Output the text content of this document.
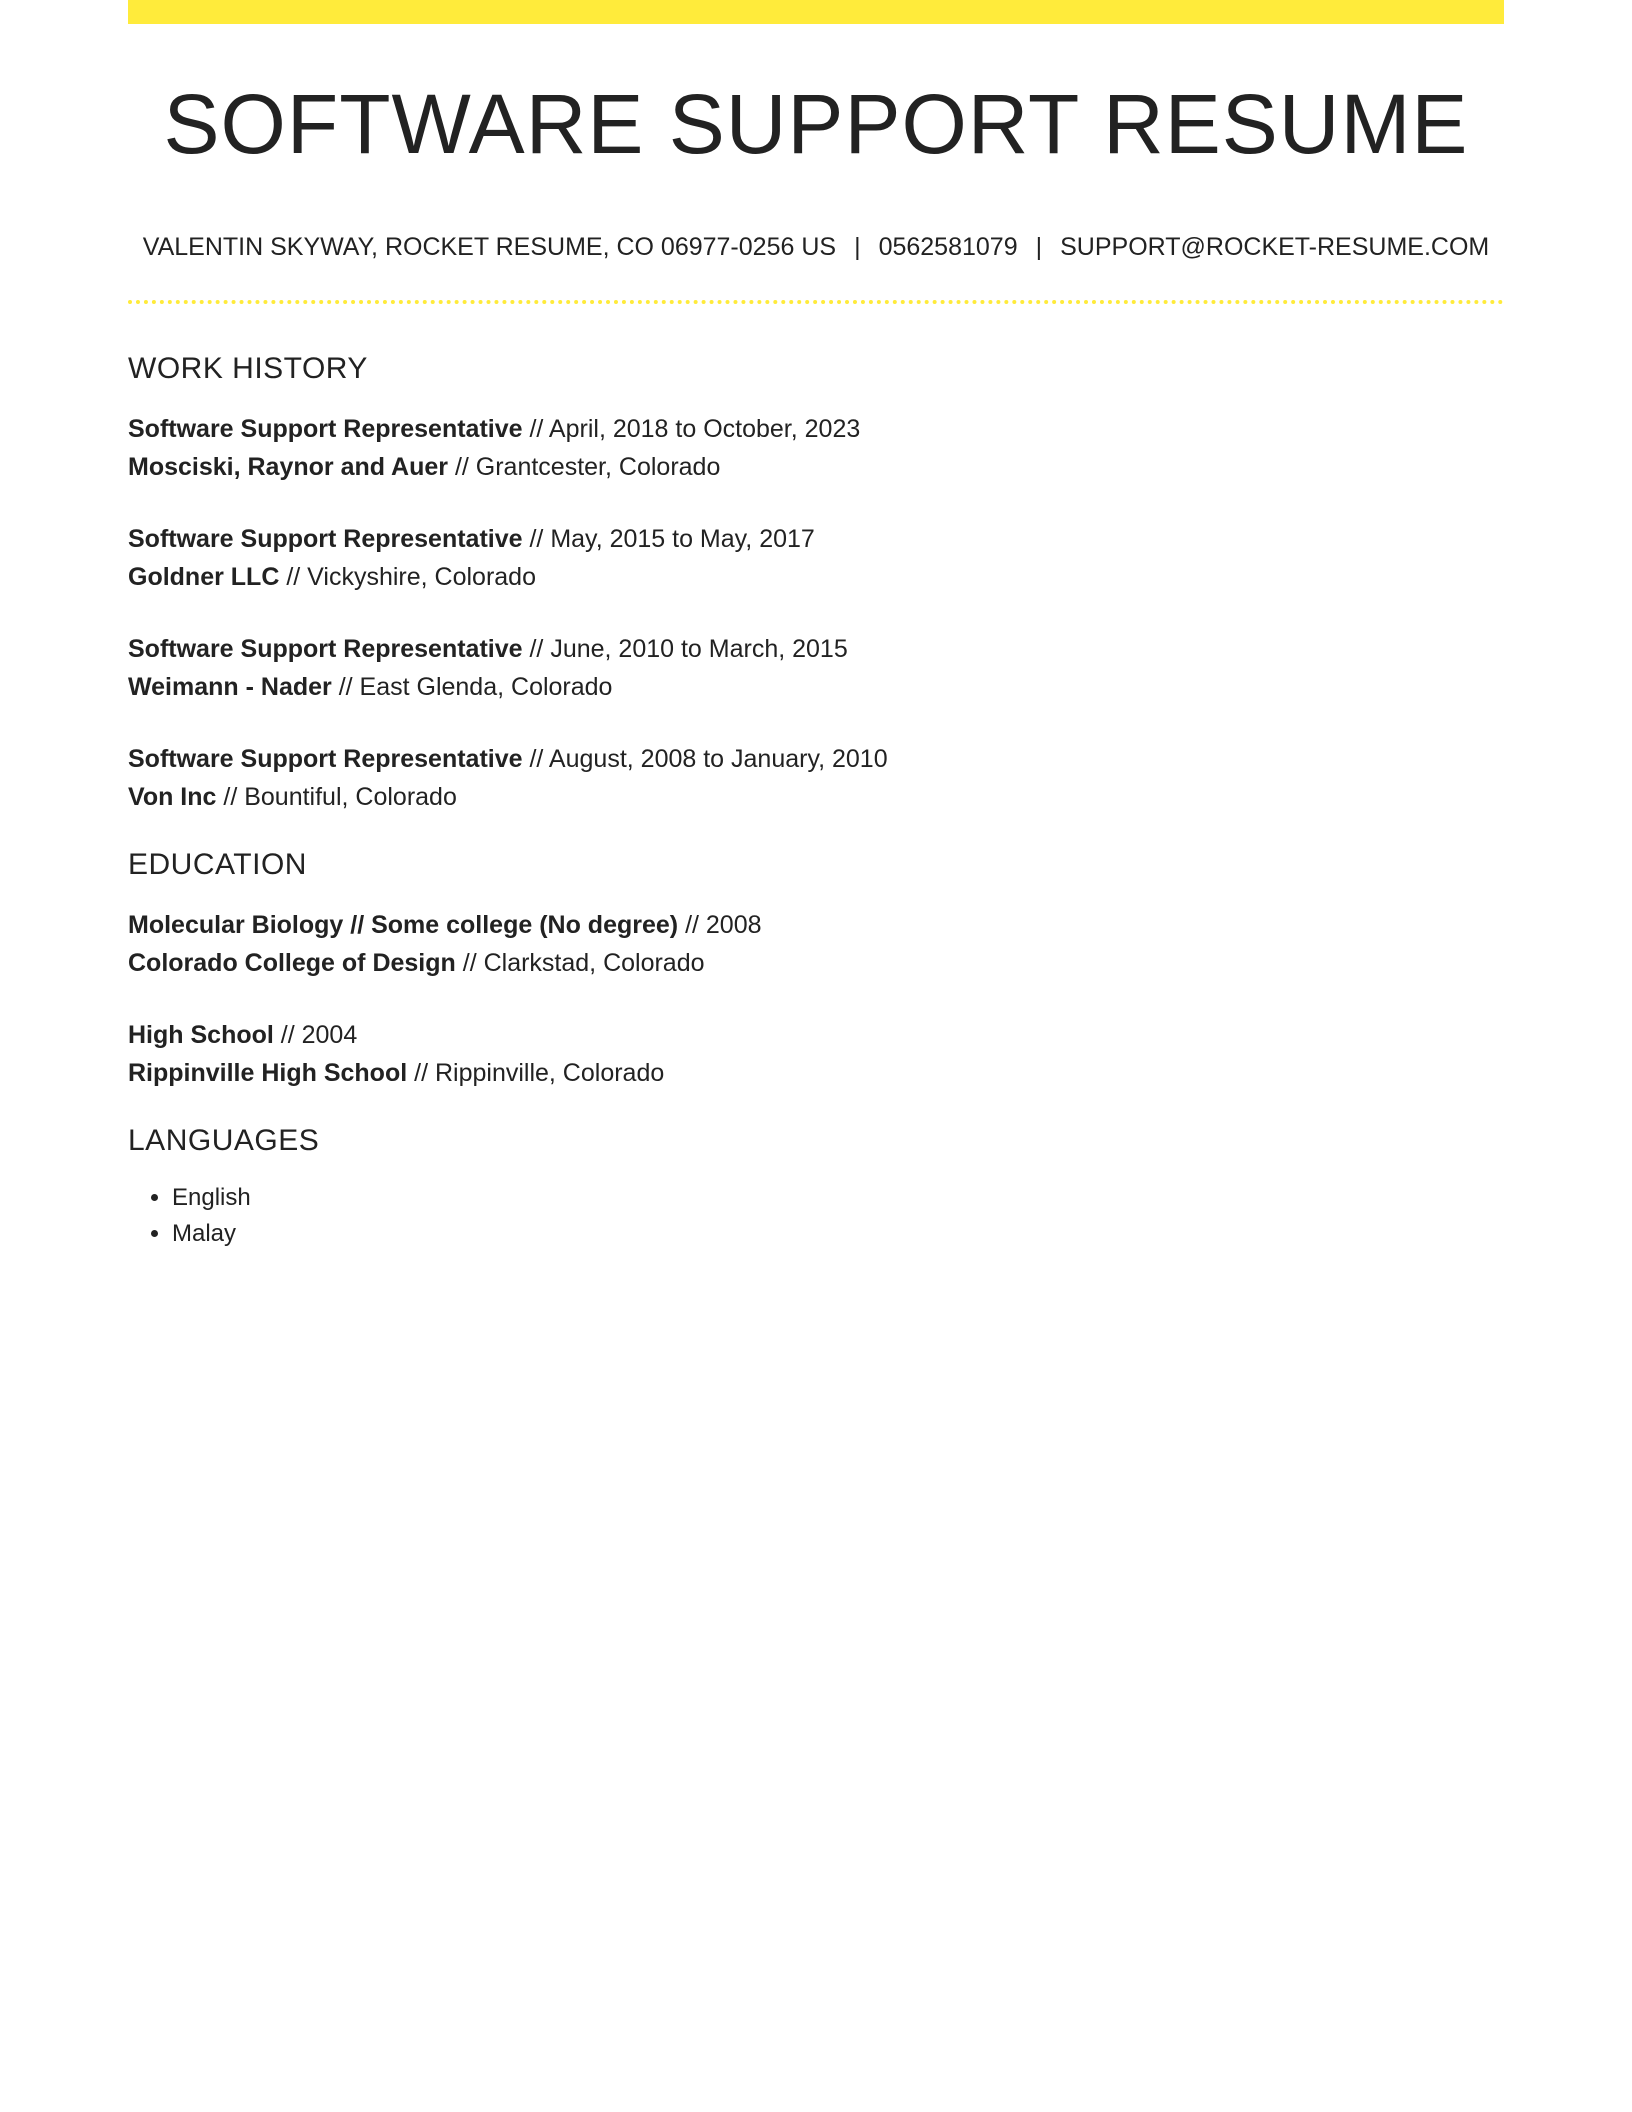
SOFTWARE SUPPORT RESUME
VALENTIN SKYWAY, ROCKET RESUME, CO 06977-0256 US | 0562581079 | SUPPORT@ROCKET-RESUME.COM
WORK HISTORY
Software Support Representative // April, 2018 to October, 2023
Mosciski, Raynor and Auer // Grantcester, Colorado
Software Support Representative // May, 2015 to May, 2017
Goldner LLC // Vickyshire, Colorado
Software Support Representative // June, 2010 to March, 2015
Weimann - Nader // East Glenda, Colorado
Software Support Representative // August, 2008 to January, 2010
Von Inc // Bountiful, Colorado
EDUCATION
Molecular Biology // Some college (No degree) // 2008
Colorado College of Design // Clarkstad, Colorado
High School // 2004
Rippinville High School // Rippinville, Colorado
LANGUAGES
• English
• Malay
